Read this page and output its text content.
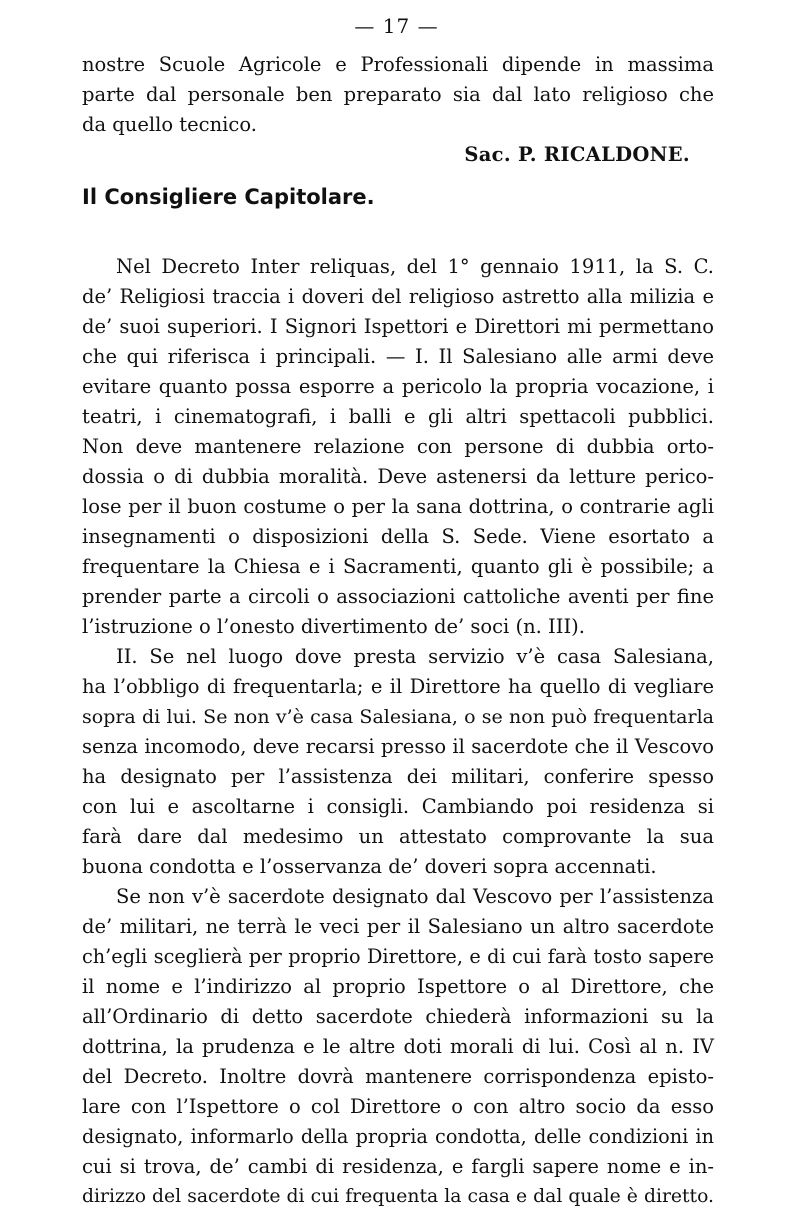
— 17 —
nostre Scuole Agricole e Professionali dipende in massima
parte dal personale ben preparato sia dal lato religioso che
da quello tecnico.
Sac. P. RICALDONE.
Il Consigliere Capitolare.
Nel Decreto Inter reliquas, del 1° gennaio 1911, la S. C.
de’ Religiosi traccia i doveri del religioso astretto alla milizia e
de’ suoi superiori. I Signori Ispettori e Direttori mi permettano
che qui riferisca i principali. — I. Il Salesiano alle armi deve
evitare quanto possa esporre a pericolo la propria vocazione, i
teatri, i cinematografi, i balli e gli altri spettacoli pubblici.
Non deve mantenere relazione con persone di dubbia orto-
dossia o di dubbia moralità. Deve astenersi da letture perico-
lose per il buon costume o per la sana dottrina, o contrarie agli
insegnamenti o disposizioni della S. Sede. Viene esortato a
frequentare la Chiesa e i Sacramenti, quanto gli è possibile; a
prender parte a circoli o associazioni cattoliche aventi per fine
l’istruzione o l’onesto divertimento de’ soci (n. III).
II. Se nel luogo dove presta servizio v’è casa Salesiana,
ha l’obbligo di frequentarla; e il Direttore ha quello di vegliare
sopra di lui. Se non v’è casa Salesiana, o se non può frequentarla
senza incomodo, deve recarsi presso il sacerdote che il Vescovo
ha designato per l’assistenza dei militari, conferire spesso
con lui e ascoltarne i consigli. Cambiando poi residenza si
farà dare dal medesimo un attestato comprovante la sua
buona condotta e l’osservanza de’ doveri sopra accennati.
Se non v’è sacerdote designato dal Vescovo per l’assistenza
de’ militari, ne terrà le veci per il Salesiano un altro sacerdote
ch’egli sceglierà per proprio Direttore, e di cui farà tosto sapere
il nome e l’indirizzo al proprio Ispettore o al Direttore, che
all’Ordinario di detto sacerdote chiederà informazioni su la
dottrina, la prudenza e le altre doti morali di lui. Così al n. IV
del Decreto. Inoltre dovrà mantenere corrispondenza episto-
lare con l’Ispettore o col Direttore o con altro socio da esso
designato, informarlo della propria condotta, delle condizioni in
cui si trova, de’ cambi di residenza, e fargli sapere nome e in-
dirizzo del sacerdote di cui frequenta la casa e dal quale è diretto.
